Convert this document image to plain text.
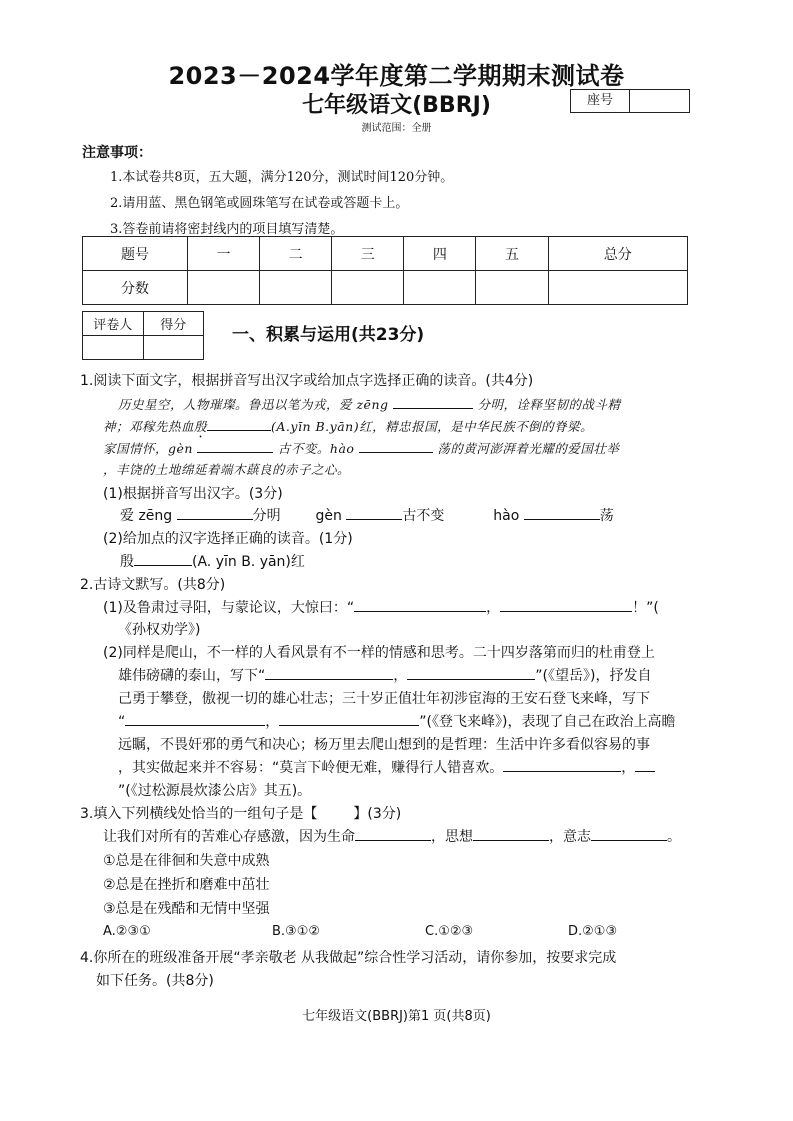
2023－2024学年度第二学期期末测试卷
七年级语文(BBRJ)	座号
测试范围：全册
注意事项：
1.本试卷共8页，五大题，满分120分，测试时间120分钟。
2.请用蓝、黑色钢笔或圆珠笔写在试卷或答题卡上。
3.答卷前请将密封线内的项目填写清楚。
题号	一	二	三	四	五	总分
分数						
评卷人	得分
		一、积累与运用(共23分)
1.阅读下面文字，根据拼音写出汉字或给加点字选择正确的读音。(共4分)
历史星空，人物璀璨。鲁迅以笔为戎，爱 zēng	分明，诠释坚韧的战斗精
神；邓稼先热血殷	(A.yīn B.yān)红，精忠报国，是中华民族不倒的脊梁。
家国情怀，gèn	古不变。hào	荡的黄河澎湃着光耀的爱国壮举
，丰饶的土地绵延着端木蕻良的赤子之心。
(1)根据拼音写出汉字。(3分)
爱 zēng	分明 gèn	古不变	hào	荡
(2)给加点的汉字选择正确的读音。(1分)
殷	(A. yīn B. yān)红
2.古诗文默写。(共8分)
(1)及鲁肃过寻阳，与蒙论议，大惊曰：“	，	！”(
《孙权劝学》)
(2)同样是爬山，不一样的人看风景有不一样的情感和思考。二十四岁落第而归的杜甫登上
雄伟磅礴的泰山，写下“	，	”(《望岳》)，抒发自
己勇于攀登，傲视一切的雄心壮志；三十岁正值壮年初涉宦海的王安石登飞来峰，写下
“	，	”(《登飞来峰》)，表现了自己在政治上高瞻
远瞩，不畏奸邪的勇气和决心；杨万里去爬山想到的是哲理：生活中许多看似容易的事
，其实做起来并不容易：“莫言下岭便无难，赚得行人错喜欢。	，
”(《过松源晨炊漆公店》其五)。
3.填入下列横线处恰当的一组句子是【	】(3分)
让我们对所有的苦难心存感激，因为生命	，思想	，意志	。
①总是在徘徊和失意中成熟
②总是在挫折和磨难中茁壮
③总是在残酷和无情中坚强
A.②③①	B.③①②	C.①②③	D.②①③
4.你所在的班级准备开展“孝亲敬老 从我做起”综合性学习活动，请你参加，按要求完成
如下任务。(共8分)
七年级语文(BBRJ)第1 页(共8页)
